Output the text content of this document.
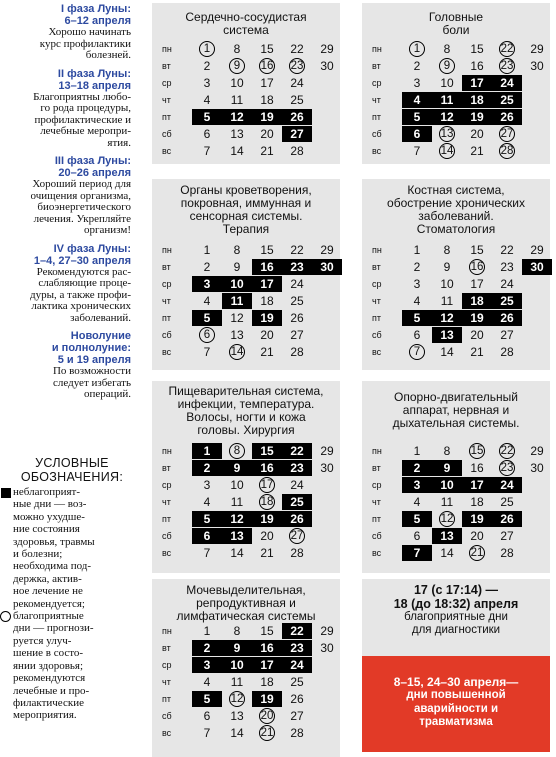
I фаза Луны:
6–12 апреля
Хорошо начинать
курс профилактики
болезней.
II фаза Луны:
13–18 апреля
Благоприятны любо-
го рода процедуры,
профилактические и
лечебные меропри-
ятия.
III фаза Луны:
20–26 апреля
Хороший период для
очищения организма,
биоэнергетического
лечения. Укрепляйте
организм!
IV фаза Луны:
1–4, 27–30 апреля
Рекомендуются рас-
слабляющие проце-
дуры, а также профи-
лактика хронических
заболеваний.
Новолуние
и полнолуние:
5 и 19 апреля
По возможности
следует избегать
операций.
УСЛОВНЫЕ
ОБОЗНАЧЕНИЯ:
неблагоприят-
ные дни — воз-
можно ухудше-
ние состояния
здоровья, травмы
и болезни;
необходима под-
держка, актив-
ное лечение не
рекомендуется;
благоприятные
дни — прогнози-
руется улуч-
шение в состо-
янии здоровья;
рекомендуются
лечебные и про-
филактические
мероприятия.
Сердечно-сосудистая
система
пн	1	8 15 22 29
вт	2	9	16 23 30
ср	3 10 17 24
чт	4 11 18 25
пт	5 12 19 26
сб	6 13 20 27
вс	7 14 21 28
Головные
боли
пн	1	8 15 22 29
вт	2	9	16 23 30
ср	3 10 17 24
чт	4 11 18 25
пт	5 12 19 26
сб	6 13 20 27
вс	7 14 21 28
Органы кроветворения,
покровная, иммунная и
сенсорная системы.
Терапия
пн	1 8 15 22 29
вт	2 9 16 23 30
ср	3 10 17 24
чт	4 11 18 25
пт	5 12 19 26
сб	6	13 20 27
вс	7 14 21 28
Костная система,
обострение хронических
заболеваний.
Стоматология
пн	1 8 15 22 29
вт	2 9 16 23 30
ср	3 10 17 24
чт	4 11 18 25
пт	5 12 19 26
сб	6 13 20 27
вс	7	14 21 28
Пищеварительная система,
инфекции, температура.
Волосы, ногти и кожа
головы. Хирургия
пн	1	8	15 22 29
вт	2 9 16 23 30
ср	3 10 17 24
чт	4 11 18 25
пт	5 12 19 26
сб	6 13 20 27
вс	7 14 21 28
Опорно-двигательный
аппарат, нервная и
дыхательная системы.
пн	1 8 15 22 29
вт	2 9 16 23 30
ср	3 10 17 24
чт	4 11 18 25
пт	5 12 19 26
сб	6 13 20 27
вс	7 14 21 28
Мочевыделительная,
репродуктивная и
лимфатическая системы
пн	1 8 15 22 29
вт	2 9 16 23 30
ср	3 10 17 24
чт	4 11 18 25
пт	5 12 19 26
сб	6 13 20 27
вс	7 14 21 28
17 (с 17:14) —
18 (до 18:32) апреля
благоприятные дни
для диагностики
8–15, 24–30 апреля—
дни повышенной
аварийности и
травматизма
